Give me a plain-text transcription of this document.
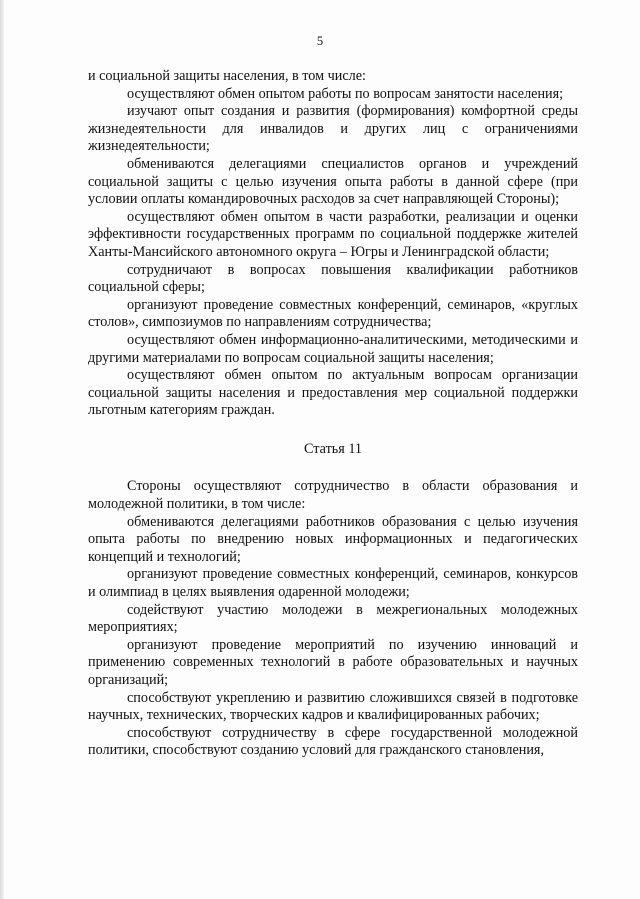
5

и социальной защиты населения, в том числе:

осуществляют обмен опытом работы по вопросам занятости населения;

изучают опыт создания и развития (формирования) комфортной среды жизнедеятельности для инвалидов и других лиц с ограничениями жизнедеятельности;

обмениваются делегациями специалистов органов и учреждений социальной защиты с целью изучения опыта работы в данной сфере (при условии оплаты командировочных расходов за счет направляющей Стороны);

осуществляют обмен опытом в части разработки, реализации и оценки эффективности государственных программ по социальной поддержке жителей Ханты-Мансийского автономного округа – Югры и Ленинградской области;

сотрудничают в вопросах повышения квалификации работников социальной сферы;

организуют проведение совместных конференций, семинаров, «круглых столов», симпозиумов по направлениям сотрудничества;

осуществляют обмен информационно-аналитическими, методическими и другими материалами по вопросам социальной защиты населения;

осуществляют обмен опытом по актуальным вопросам организации социальной защиты населения и предоставления мер социальной поддержки льготным категориям граждан.

Статья 11

Стороны осуществляют сотрудничество в области образования и молодежной политики, в том числе:

обмениваются делегациями работников образования с целью изучения опыта работы по внедрению новых информационных и педагогических концепций и технологий;

организуют проведение совместных конференций, семинаров, конкурсов и олимпиад в целях выявления одаренной молодежи;

содействуют участию молодежи в межрегиональных молодежных мероприятиях;

организуют проведение мероприятий по изучению инноваций и применению современных технологий в работе образовательных и научных организаций;

способствуют укреплению и развитию сложившихся связей в подготовке научных, технических, творческих кадров и квалифицированных рабочих;

способствуют сотрудничеству в сфере государственной молодежной политики, способствуют созданию условий для гражданского становления,
